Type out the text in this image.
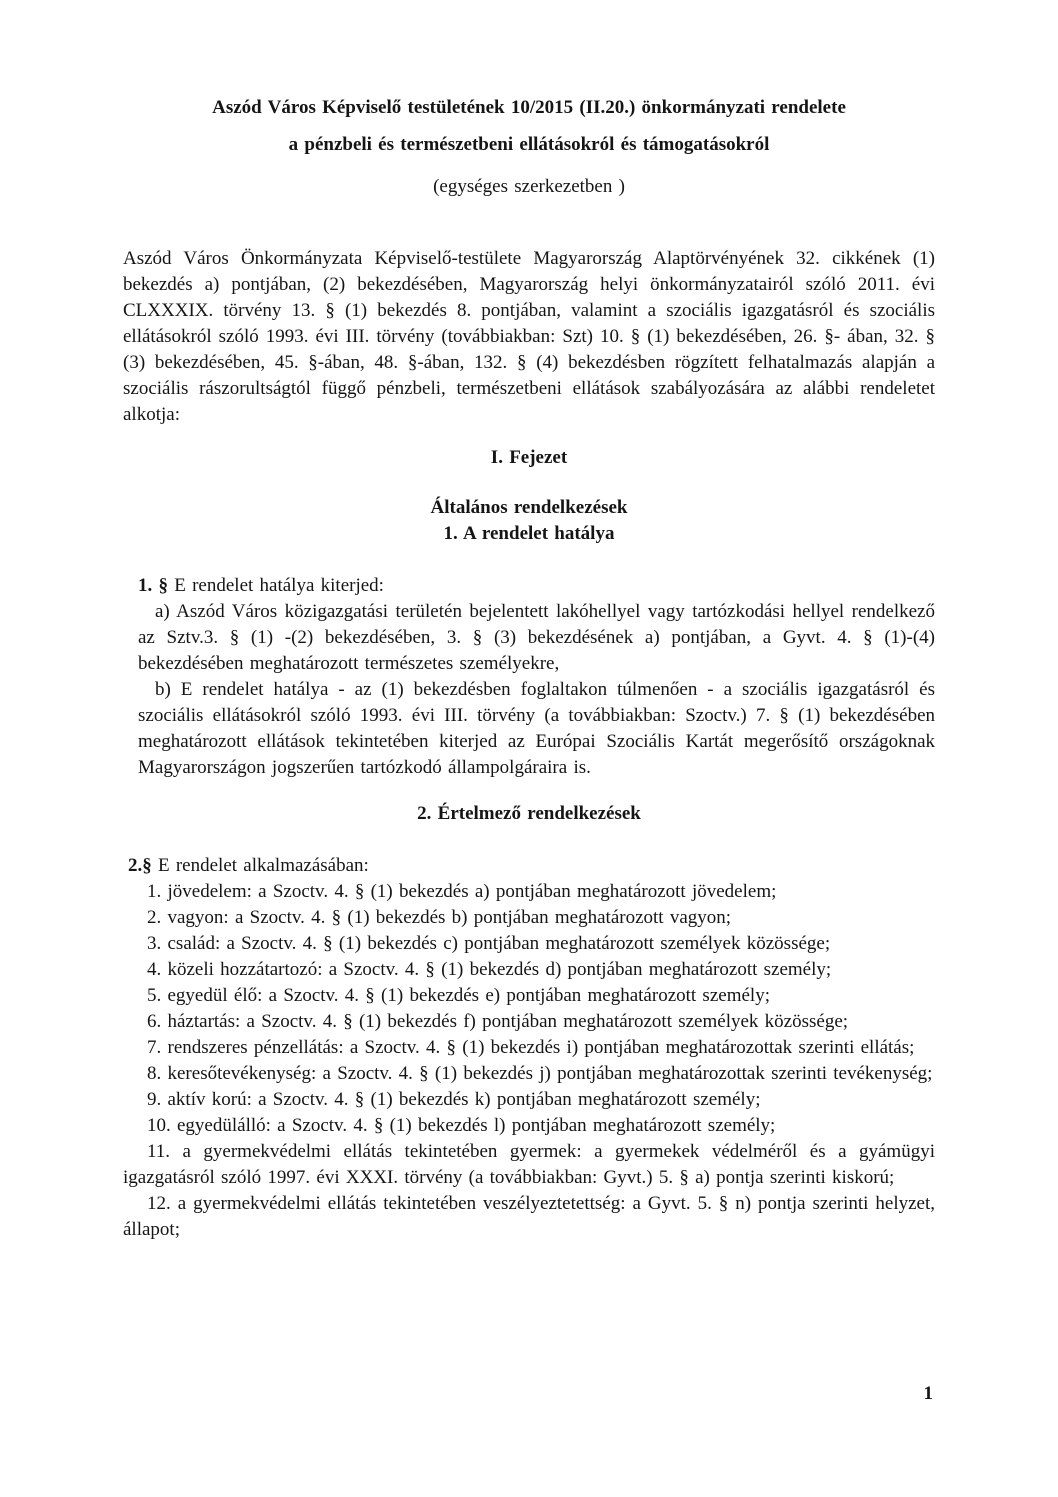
Aszód Város Képviselő testületének 10/2015 (II.20.) önkormányzati rendelete

a pénzbeli és természetbeni ellátásokról és támogatásokról

(egységes szerkezetben )

Aszód Város Önkormányzata Képviselő-testülete Magyarország Alaptörvényének 32. cikkének (1) bekezdés a) pontjában, (2) bekezdésében, Magyarország helyi önkormányzatairól szóló 2011. évi CLXXXIX. törvény 13. § (1) bekezdés 8. pontjában, valamint a szociális igazgatásról és szociális ellátásokról szóló 1993. évi III. törvény (továbbiakban: Szt) 10. § (1) bekezdésében, 26. §- ában, 32. § (3) bekezdésében, 45. §-ában, 48. §-ában, 132. § (4) bekezdésben rögzített felhatalmazás alapján a szociális rászorultságtól függő pénzbeli, természetbeni ellátások szabályozására az alábbi rendeletet alkotja:

I. Fejezet

Általános rendelkezések

1. A rendelet hatálya

1. § E rendelet hatálya kiterjed:

a) Aszód Város közigazgatási területén bejelentett lakóhellyel vagy tartózkodási hellyel rendelkező az Sztv.3. § (1) -(2) bekezdésében, 3. § (3) bekezdésének a) pontjában, a Gyvt. 4. § (1)-(4) bekezdésében meghatározott természetes személyekre,

b) E rendelet hatálya - az (1) bekezdésben foglaltakon túlmenően - a szociális igazgatásról és szociális ellátásokról szóló 1993. évi III. törvény (a továbbiakban: Szoctv.) 7. § (1) bekezdésében meghatározott ellátások tekintetében kiterjed az Európai Szociális Kartát megerősítő országoknak Magyarországon jogszerűen tartózkodó állampolgáraira is.

2. Értelmező rendelkezések

2.§ E rendelet alkalmazásában:

1. jövedelem: a Szoctv. 4. § (1) bekezdés a) pontjában meghatározott jövedelem;

2. vagyon: a Szoctv. 4. § (1) bekezdés b) pontjában meghatározott vagyon;

3. család: a Szoctv. 4. § (1) bekezdés c) pontjában meghatározott személyek közössége;

4. közeli hozzátartozó: a Szoctv. 4. § (1) bekezdés d) pontjában meghatározott személy;

5. egyedül élő: a Szoctv. 4. § (1) bekezdés e) pontjában meghatározott személy;

6. háztartás: a Szoctv. 4. § (1) bekezdés f) pontjában meghatározott személyek közössége;

7. rendszeres pénzellátás: a Szoctv. 4. § (1) bekezdés i) pontjában meghatározottak szerinti ellátás;

8. keresőtevékenység: a Szoctv. 4. § (1) bekezdés j) pontjában meghatározottak szerinti tevékenység;

9. aktív korú: a Szoctv. 4. § (1) bekezdés k) pontjában meghatározott személy;

10. egyedülálló: a Szoctv. 4. § (1) bekezdés l) pontjában meghatározott személy;

11. a gyermekvédelmi ellátás tekintetében gyermek: a gyermekek védelméről és a gyámügyi igazgatásról szóló 1997. évi XXXI. törvény (a továbbiakban: Gyvt.) 5. § a) pontja szerinti kiskorú;

12. a gyermekvédelmi ellátás tekintetében veszélyeztetettség: a Gyvt. 5. § n) pontja szerinti helyzet, állapot;

1
